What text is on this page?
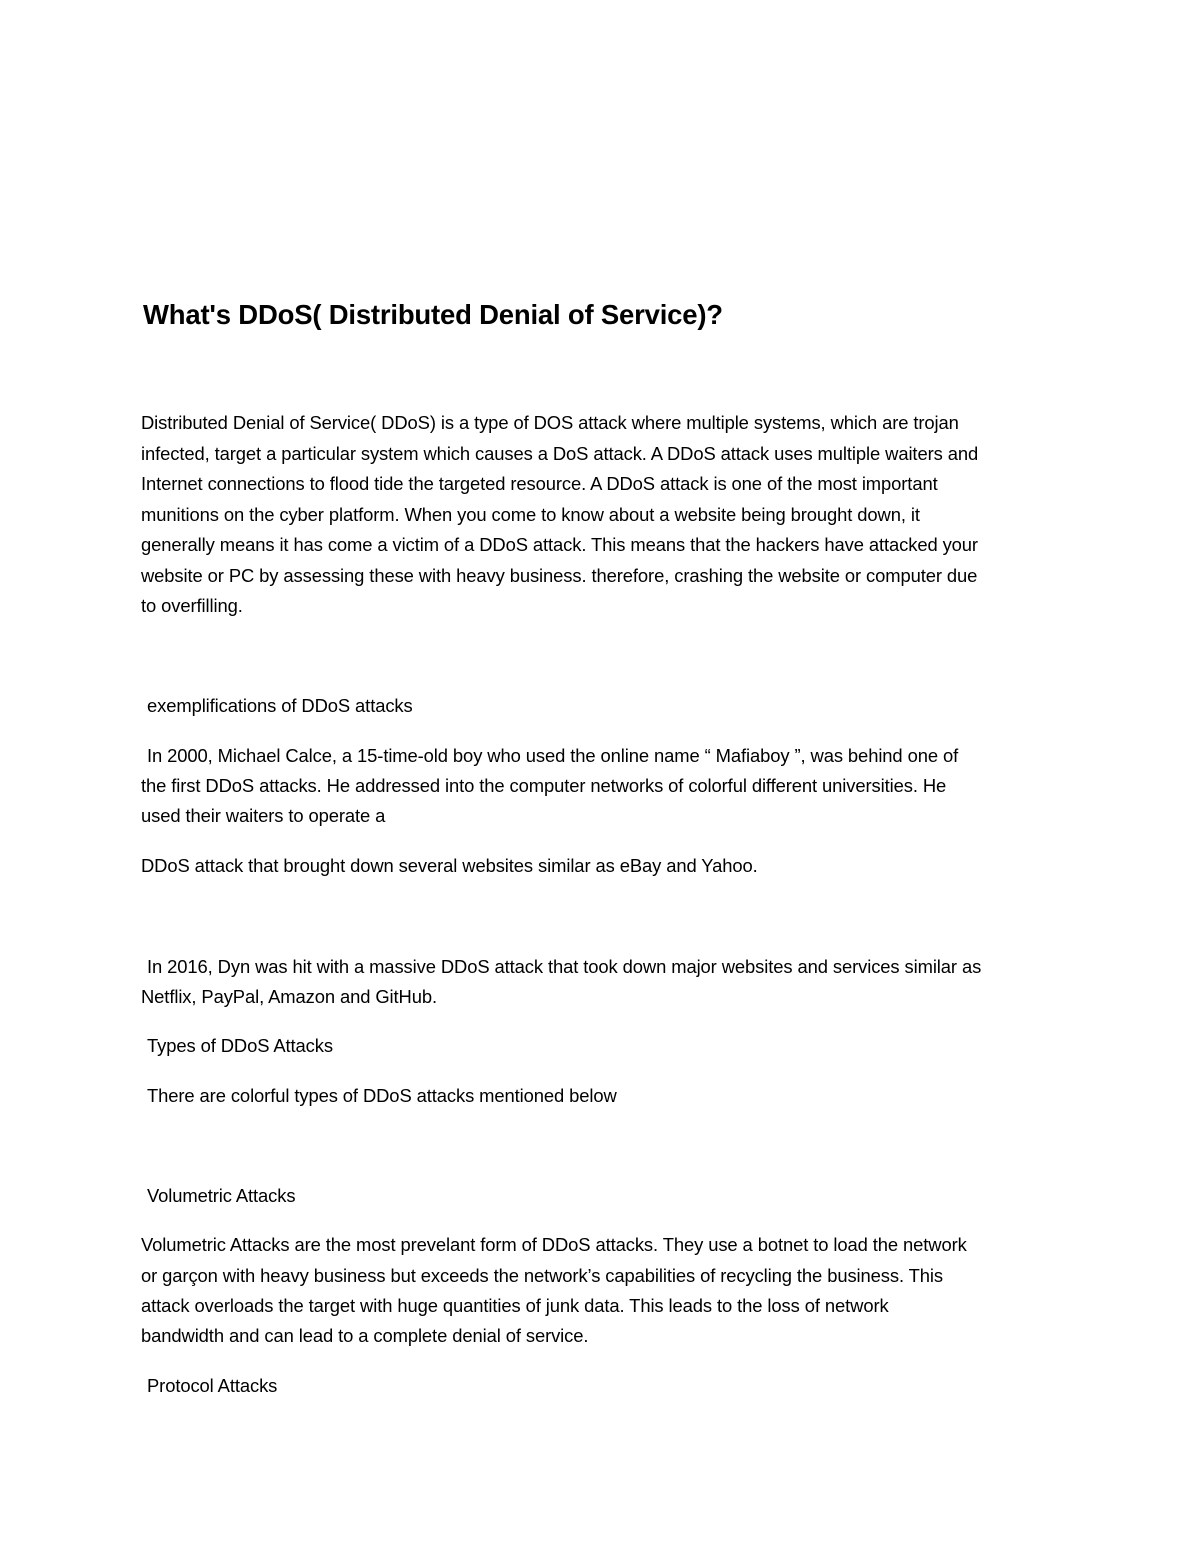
What's DDoS( Distributed Denial of Service)?

Distributed Denial of Service( DDoS) is a type of DOS attack where multiple systems, which are trojan

infected, target a particular system which causes a DoS attack. A DDoS attack uses multiple waiters and

Internet connections to flood tide the targeted resource. A DDoS attack is one of the most important

munitions on the cyber platform. When you come to know about a website being brought down, it

generally means it has come a victim of a DDoS attack. This means that the hackers have attacked your

website or PC by assessing these with heavy business. therefore, crashing the website or computer due

to overfilling.

exemplifications of DDoS attacks

In 2000, Michael Calce, a 15-time-old boy who used the online name “ Mafiaboy ”, was behind one of

the first DDoS attacks. He addressed into the computer networks of colorful different universities. He

used their waiters to operate a

DDoS attack that brought down several websites similar as eBay and Yahoo.

In 2016, Dyn was hit with a massive DDoS attack that took down major websites and services similar as

Netflix, PayPal, Amazon and GitHub.

Types of DDoS Attacks

There are colorful types of DDoS attacks mentioned below

Volumetric Attacks

Volumetric Attacks are the most prevelant form of DDoS attacks. They use a botnet to load the network

or garçon with heavy business but exceeds the network’s capabilities of recycling the business. This

attack overloads the target with huge quantities of junk data. This leads to the loss of network

bandwidth and can lead to a complete denial of service.

Protocol Attacks
